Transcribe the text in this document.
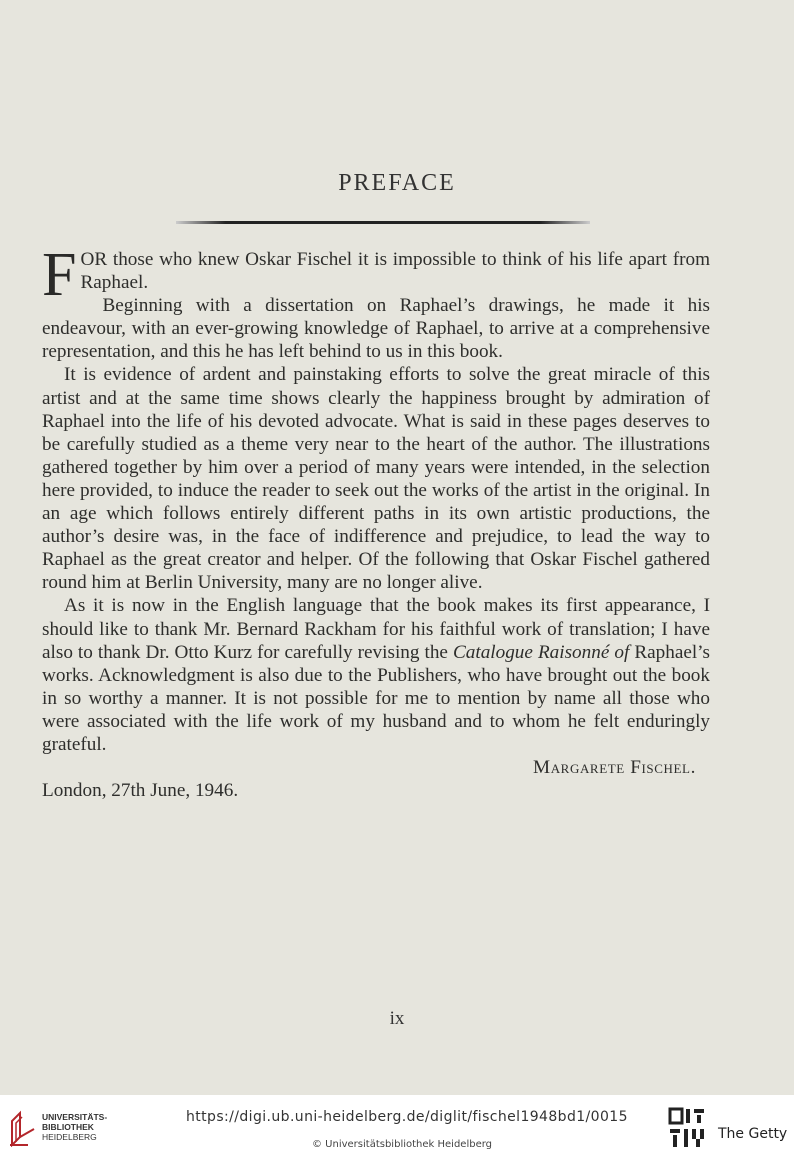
PREFACE
FOR those who knew Oskar Fischel it is impossible to think of his life apart from Raphael.

Beginning with a dissertation on Raphael’s drawings, he made it his endeavour, with an ever-growing knowledge of Raphael, to arrive at a comprehensive representation, and this he has left behind to us in this book.

It is evidence of ardent and painstaking efforts to solve the great miracle of this artist and at the same time shows clearly the happiness brought by admiration of Raphael into the life of his devoted advocate. What is said in these pages deserves to be carefully studied as a theme very near to the heart of the author. The illustrations gathered together by him over a period of many years were intended, in the selection here provided, to induce the reader to seek out the works of the artist in the original. In an age which follows entirely different paths in its own artistic productions, the author’s desire was, in the face of indifference and prejudice, to lead the way to Raphael as the great creator and helper. Of the following that Oskar Fischel gathered round him at Berlin University, many are no longer alive.

As it is now in the English language that the book makes its first appearance, I should like to thank Mr. Bernard Rackham for his faithful work of translation; I have also to thank Dr. Otto Kurz for carefully revising the Catalogue Raisonné of Raphael’s works. Acknowledgment is also due to the Publishers, who have brought out the book in so worthy a manner. It is not possible for me to mention by name all those who were associated with the life work of my husband and to whom he felt enduringly grateful.

Margarete Fischel.

London, 27th June, 1946.

ix
UNIVERSITÄTS-
BIBLIOTHEK
HEIDELBERG
https://digi.ub.uni-heidelberg.de/diglit/fischel1948bd1/0015
© Universitätsbibliothek Heidelberg
The Getty
